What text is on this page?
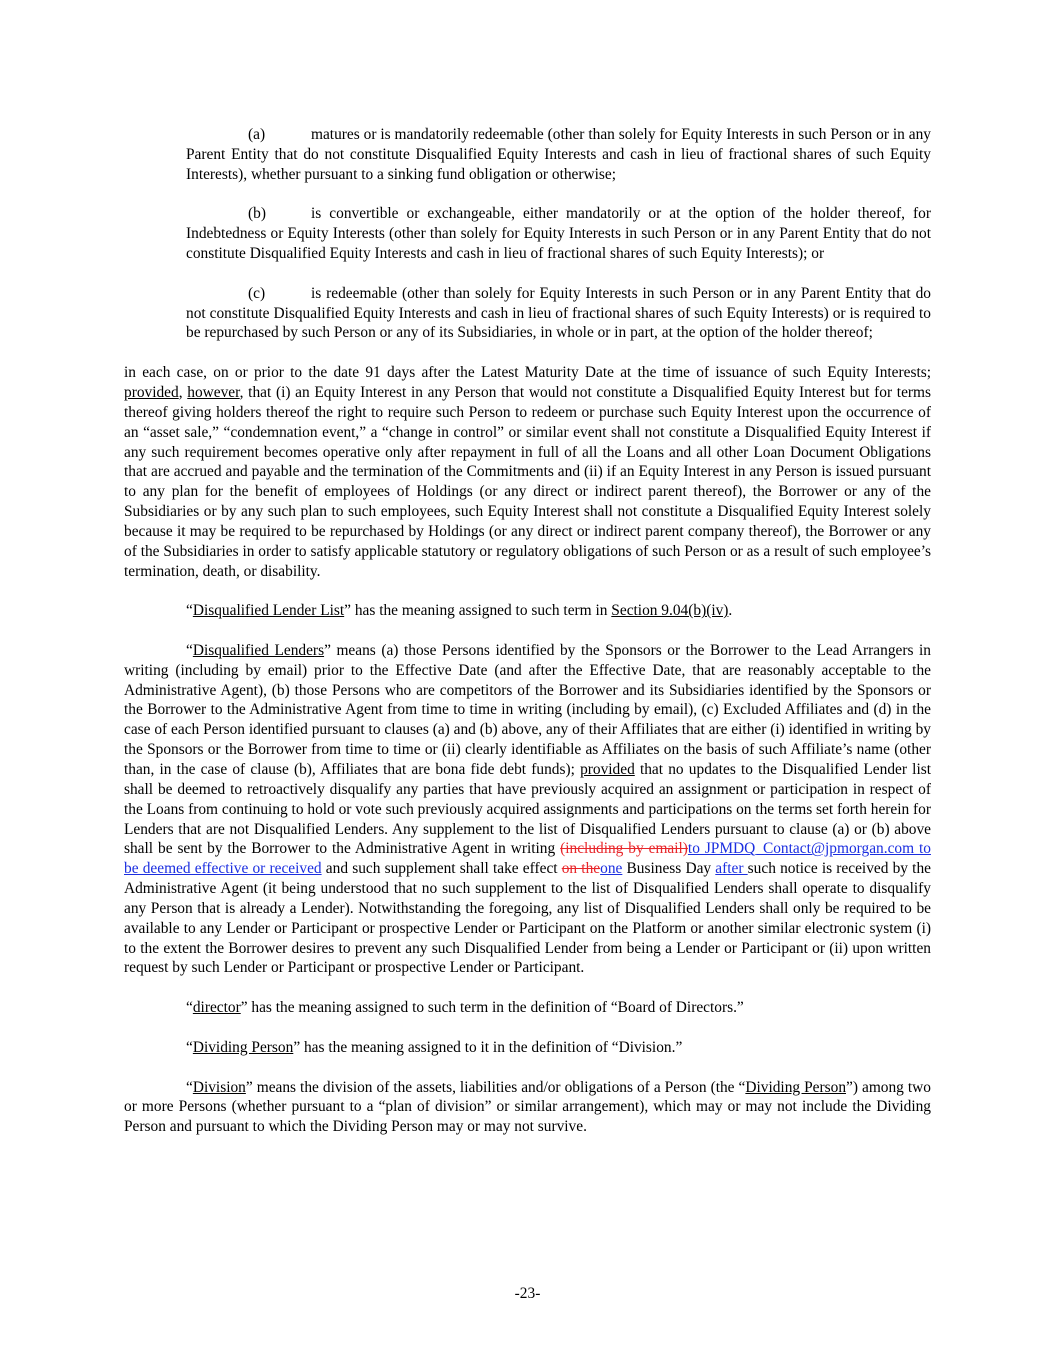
(a)	matures or is mandatorily redeemable (other than solely for Equity Interests in such Person or in any Parent Entity that do not constitute Disqualified Equity Interests and cash in lieu of fractional shares of such Equity Interests), whether pursuant to a sinking fund obligation or otherwise;

(b)	is convertible or exchangeable, either mandatorily or at the option of the holder thereof, for Indebtedness or Equity Interests (other than solely for Equity Interests in such Person or in any Parent Entity that do not constitute Disqualified Equity Interests and cash in lieu of fractional shares of such Equity Interests); or

(c)	is redeemable (other than solely for Equity Interests in such Person or in any Parent Entity that do not constitute Disqualified Equity Interests and cash in lieu of fractional shares of such Equity Interests) or is required to be repurchased by such Person or any of its Subsidiaries, in whole or in part, at the option of the holder thereof;

in each case, on or prior to the date 91 days after the Latest Maturity Date at the time of issuance of such Equity Interests; provided, however, that (i) an Equity Interest in any Person that would not constitute a Disqualified Equity Interest but for terms thereof giving holders thereof the right to require such Person to redeem or purchase such Equity Interest upon the occurrence of an “asset sale,” “condemnation event,” a “change in control” or similar event shall not constitute a Disqualified Equity Interest if any such requirement becomes operative only after repayment in full of all the Loans and all other Loan Document Obligations that are accrued and payable and the termination of the Commitments and (ii) if an Equity Interest in any Person is issued pursuant to any plan for the benefit of employees of Holdings (or any direct or indirect parent thereof), the Borrower or any of the Subsidiaries or by any such plan to such employees, such Equity Interest shall not constitute a Disqualified Equity Interest solely because it may be required to be repurchased by Holdings (or any direct or indirect parent company thereof), the Borrower or any of the Subsidiaries in order to satisfy applicable statutory or regulatory obligations of such Person or as a result of such employee’s termination, death, or disability.

“Disqualified Lender List” has the meaning assigned to such term in Section 9.04(b)(iv).

“Disqualified Lenders” means (a) those Persons identified by the Sponsors or the Borrower to the Lead Arrangers in writing (including by email) prior to the Effective Date (and after the Effective Date, that are reasonably acceptable to the Administrative Agent), (b) those Persons who are competitors of the Borrower and its Subsidiaries identified by the Sponsors or the Borrower to the Administrative Agent from time to time in writing (including by email), (c) Excluded Affiliates and (d) in the case of each Person identified pursuant to clauses (a) and (b) above, any of their Affiliates that are either (i) identified in writing by the Sponsors or the Borrower from time to time or (ii) clearly identifiable as Affiliates on the basis of such Affiliate’s name (other than, in the case of clause (b), Affiliates that are bona fide debt funds); provided that no updates to the Disqualified Lender list shall be deemed to retroactively disqualify any parties that have previously acquired an assignment or participation in respect of the Loans from continuing to hold or vote such previously acquired assignments and participations on the terms set forth herein for Lenders that are not Disqualified Lenders. Any supplement to the list of Disqualified Lenders pursuant to clause (a) or (b) above shall be sent by the Borrower to the Administrative Agent in writing (including by email)to JPMDQ_Contact@jpmorgan.com to be deemed effective or received and such supplement shall take effect on theone Business Day after such notice is received by the Administrative Agent (it being understood that no such supplement to the list of Disqualified Lenders shall operate to disqualify any Person that is already a Lender). Notwithstanding the foregoing, any list of Disqualified Lenders shall only be required to be available to any Lender or Participant or prospective Lender or Participant on the Platform or another similar electronic system (i) to the extent the Borrower desires to prevent any such Disqualified Lender from being a Lender or Participant or (ii) upon written request by such Lender or Participant or prospective Lender or Participant.

“director” has the meaning assigned to such term in the definition of “Board of Directors.”

“Dividing Person” has the meaning assigned to it in the definition of “Division.”

“Division” means the division of the assets, liabilities and/or obligations of a Person (the “Dividing Person”) among two or more Persons (whether pursuant to a “plan of division” or similar arrangement), which may or may not include the Dividing Person and pursuant to which the Dividing Person may or may not survive.

-23-
